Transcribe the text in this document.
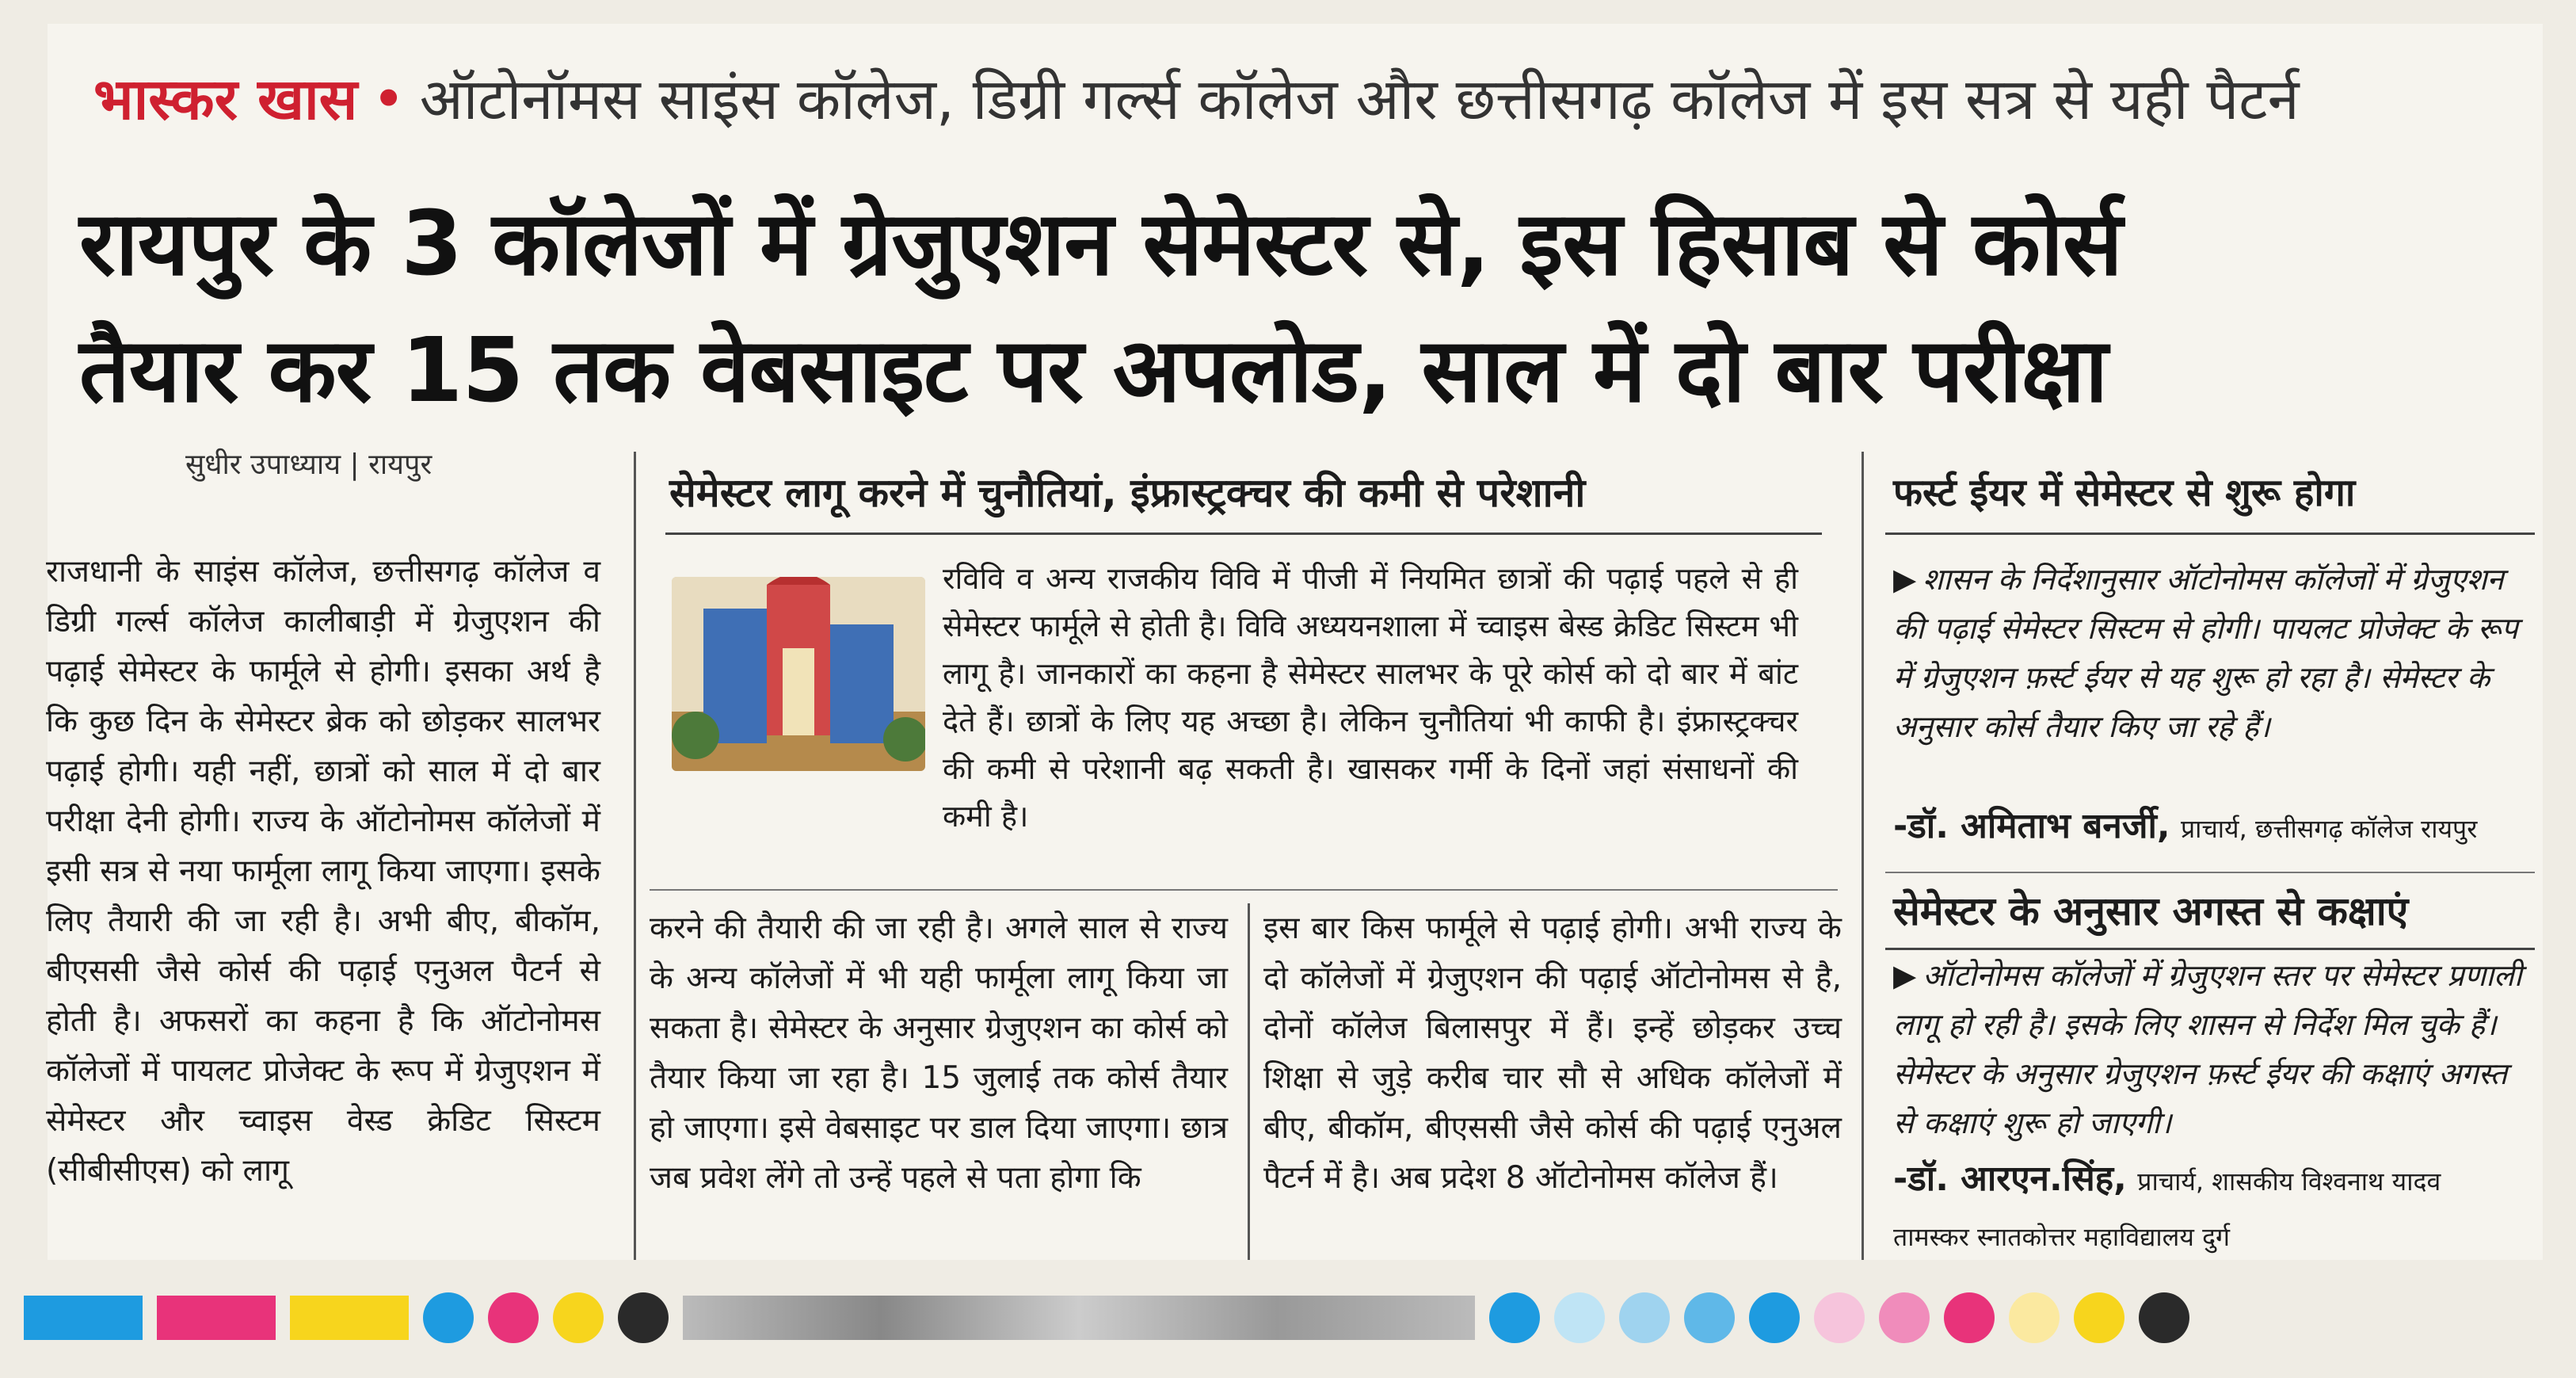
भास्कर खास • ऑटोनॉमस साइंस कॉलेज, डिग्री गर्ल्स कॉलेज और छत्तीसगढ़ कॉलेज में इस सत्र से यही पैटर्न
रायपुर के 3 कॉलेजों में ग्रेजुएशन सेमेस्टर से, इस हिसाब से कोर्स
तैयार कर 15 तक वेबसाइट पर अपलोड, साल में दो बार परीक्षा
सुधीर उपाध्याय | रायपुर
राजधानी के साइंस कॉलेज, छत्तीसगढ़ कॉलेज व डिग्री गर्ल्स कॉलेज कालीबाड़ी में ग्रेजुएशन की पढ़ाई सेमेस्टर के फार्मूले से होगी। इसका अर्थ है कि कुछ दिन के सेमेस्टर ब्रेक को छोड़कर सालभर पढ़ाई होगी। यही नहीं, छात्रों को साल में दो बार परीक्षा देनी होगी। राज्य के ऑटोनोमस कॉलेजों में इसी सत्र से नया फार्मूला लागू किया जाएगा। इसके लिए तैयारी की जा रही है। अभी बीए, बीकॉम, बीएससी जैसे कोर्स की पढ़ाई एनुअल पैटर्न से होती है। अफसरों का कहना है कि ऑटोनोमस कॉलेजों में पायलट प्रोजेक्ट के रूप में ग्रेजुएशन में सेमेस्टर और च्वाइस वेस्ड क्रेडिट सिस्टम (सीबीसीएस) को लागू
सेमेस्टर लागू करने में चुनौतियां, इंफ्रास्ट्रक्चर की कमी से परेशानी
रविवि व अन्य राजकीय विवि में पीजी में नियमित छात्रों की पढ़ाई पहले से ही सेमेस्टर फार्मूले से होती है। विवि अध्ययनशाला में च्वाइस बेस्ड क्रेडिट सिस्टम भी लागू है। जानकारों का कहना है सेमेस्टर सालभर के पूरे कोर्स को दो बार में बांट देते हैं। छात्रों के लिए यह अच्छा है। लेकिन चुनौतियां भी काफी है। इंफ्रास्ट्रक्चर की कमी से परेशानी बढ़ सकती है। खासकर गर्मी के दिनों जहां संसाधनों की कमी है।
करने की तैयारी की जा रही है। अगले साल से राज्य के अन्य कॉलेजों में भी यही फार्मूला लागू किया जा सकता है। सेमेस्टर के अनुसार ग्रेजुएशन का कोर्स को तैयार किया जा रहा है। 15 जुलाई तक कोर्स तैयार हो जाएगा। इसे वेबसाइट पर डाल दिया जाएगा। छात्र जब प्रवेश लेंगे तो उन्हें पहले से पता होगा कि
इस बार किस फार्मूले से पढ़ाई होगी। अभी राज्य के दो कॉलेजों में ग्रेजुएशन की पढ़ाई ऑटोनोमस से है, दोनों कॉलेज बिलासपुर में हैं। इन्हें छोड़कर उच्च शिक्षा से जुड़े करीब चार सौ से अधिक कॉलेजों में बीए, बीकॉम, बीएससी जैसे कोर्स की पढ़ाई एनुअल पैटर्न में है। अब प्रदेश 8 ऑटोनोमस कॉलेज हैं।
फर्स्ट ईयर में सेमेस्टर से शुरू होगा
▶ शासन के निर्देशानुसार ऑटोनोमस कॉलेजों में ग्रेजुएशन की पढ़ाई सेमेस्टर सिस्टम से होगी। पायलट प्रोजेक्ट के रूप में ग्रेजुएशन फ़र्स्ट ईयर से यह शुरू हो रहा है। सेमेस्टर के अनुसार कोर्स तैयार किए जा रहे हैं।
-डॉ. अमिताभ बनर्जी, प्राचार्य, छत्तीसगढ़ कॉलेज रायपुर
सेमेस्टर के अनुसार अगस्त से कक्षाएं
▶ ऑटोनोमस कॉलेजों में ग्रेजुएशन स्तर पर सेमेस्टर प्रणाली लागू हो रही है। इसके लिए शासन से निर्देश मिल चुके हैं। सेमेस्टर के अनुसार ग्रेजुएशन फ़र्स्ट ईयर की कक्षाएं अगस्त से कक्षाएं शुरू हो जाएगी।
-डॉ. आरएन.सिंह, प्राचार्य, शासकीय विश्वनाथ यादव
तामस्कर स्नातकोत्तर महाविद्यालय दुर्ग
